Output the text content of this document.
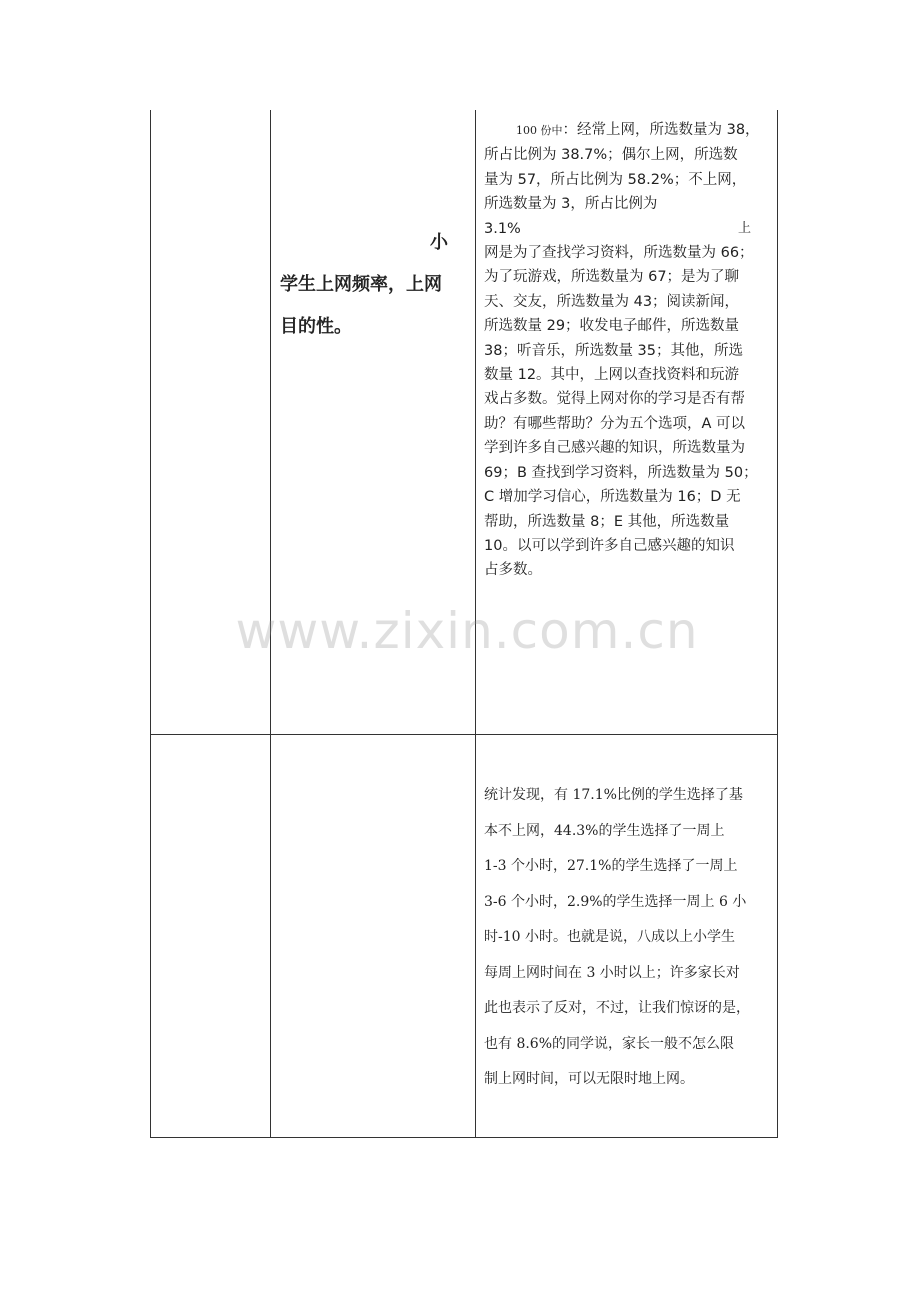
小
学生上网频率，上网
目的性。
100 份中：经常上网，所选数量为 38，
所占比例为 38.7%；偶尔上网，所选数
量为 57，所占比例为 58.2%；不上网，
所选数量为 3，所占比例为
3.1%	上
网是为了查找学习资料，所选数量为 66；
为了玩游戏，所选数量为 67；是为了聊
天、交友，所选数量为 43；阅读新闻，
所选数量 29；收发电子邮件，所选数量
38；听音乐，所选数量 35；其他，所选
数量 12。其中，上网以查找资料和玩游
戏占多数。觉得上网对你的学习是否有帮
助？有哪些帮助？分为五个选项，A 可以
学到许多自己感兴趣的知识，所选数量为
69；B 查找到学习资料，所选数量为 50；
C 增加学习信心，所选数量为 16；D 无
帮助，所选数量 8；E 其他，所选数量
10。以可以学到许多自己感兴趣的知识
占多数。
统计发现，有 17.1%比例的学生选择了基
本不上网，44.3%的学生选择了一周上
1-3 个小时，27.1%的学生选择了一周上
3-6 个小时，2.9%的学生选择一周上 6 小
时-10 小时。也就是说，八成以上小学生
每周上网时间在 3 小时以上；许多家长对
此也表示了反对，不过，让我们惊讶的是，
也有 8.6%的同学说，家长一般不怎么限
制上网时间，可以无限时地上网。
www.zixin.com.cn
